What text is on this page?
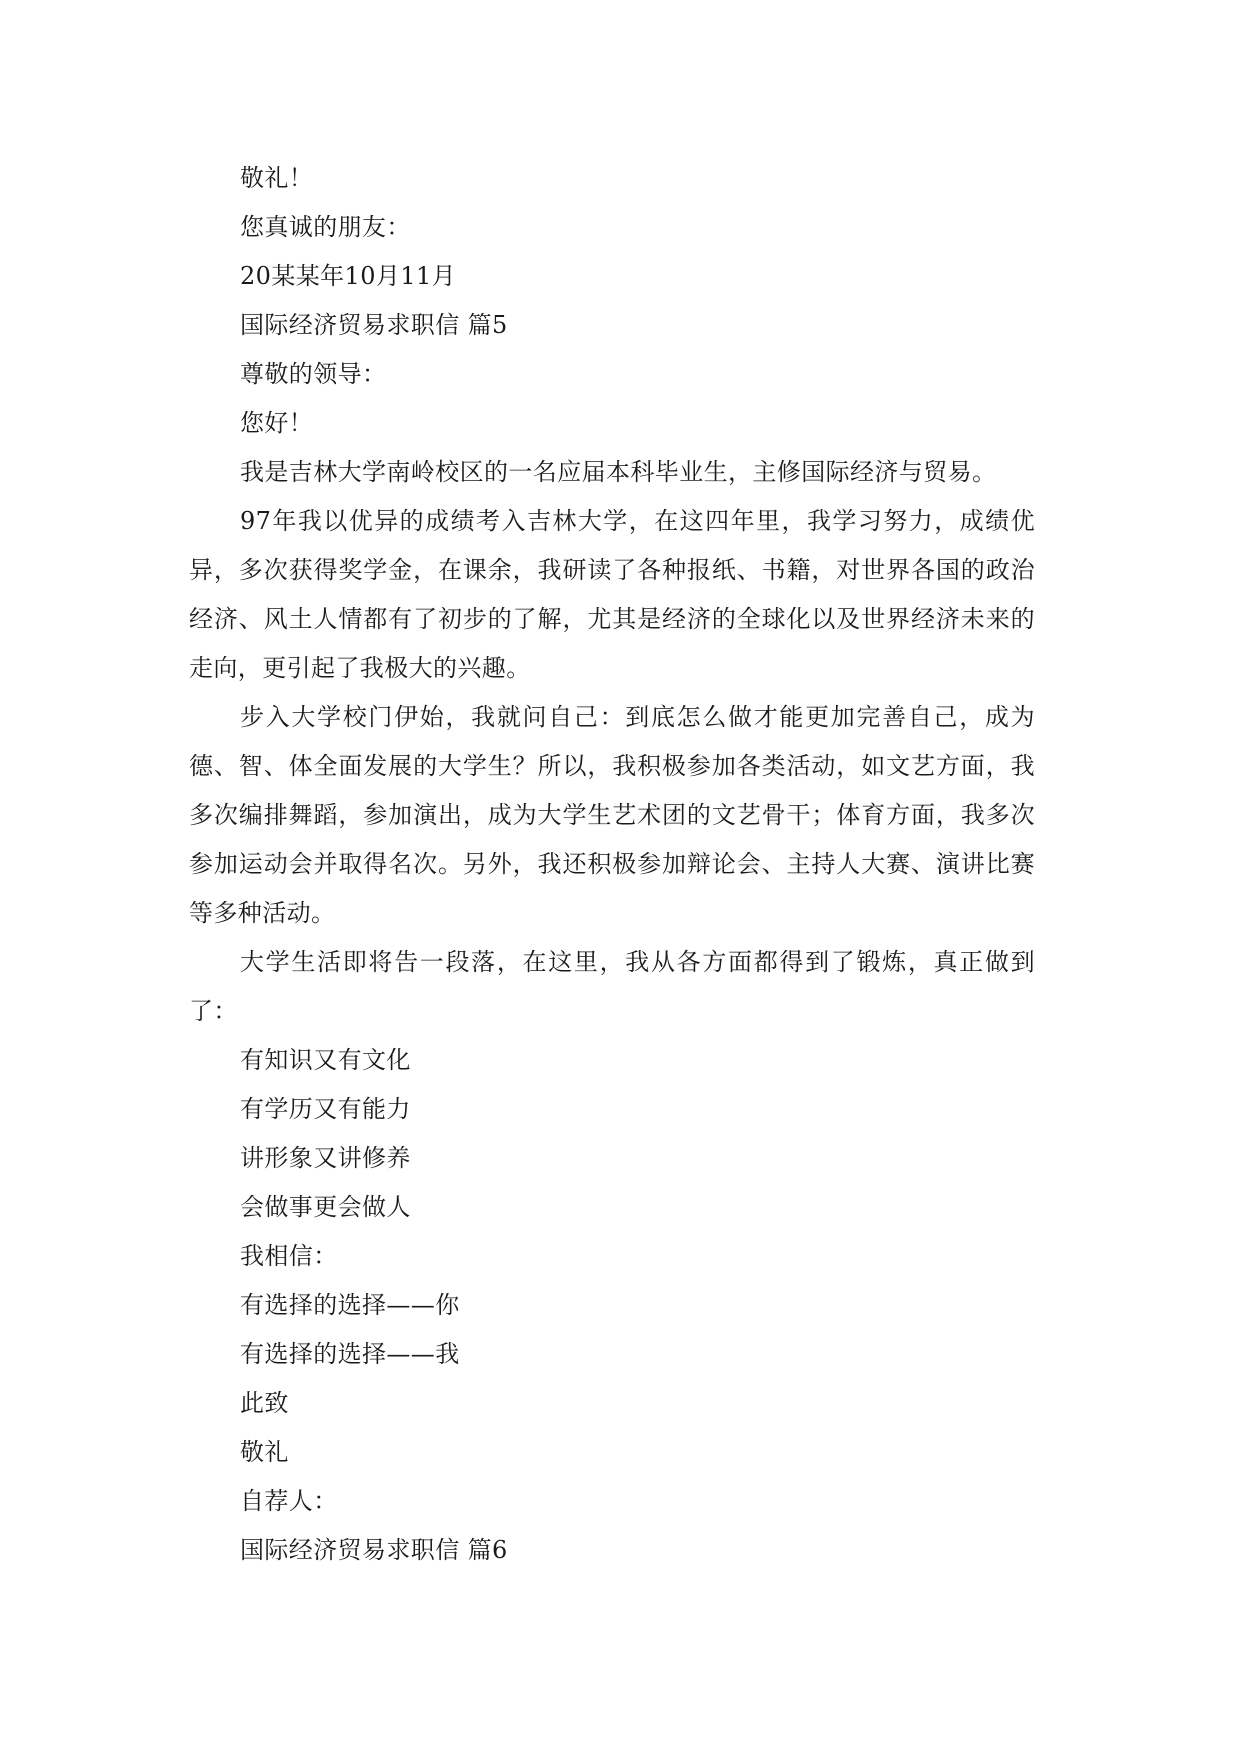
敬礼！

您真诚的朋友：

20某某年10月11月

国际经济贸易求职信 篇5

尊敬的领导：

您好！

我是吉林大学南岭校区的一名应届本科毕业生，主修国际经济与贸易。

97年我以优异的成绩考入吉林大学，在这四年里，我学习努力，成绩优异，多次获得奖学金，在课余，我研读了各种报纸、书籍，对世界各国的政治经济、风土人情都有了初步的了解，尤其是经济的全球化以及世界经济未来的走向，更引起了我极大的兴趣。

步入大学校门伊始，我就问自己：到底怎么做才能更加完善自己，成为德、智、体全面发展的大学生？所以，我积极参加各类活动，如文艺方面，我多次编排舞蹈，参加演出，成为大学生艺术团的文艺骨干；体育方面，我多次参加运动会并取得名次。另外，我还积极参加辩论会、主持人大赛、演讲比赛等多种活动。

大学生活即将告一段落，在这里，我从各方面都得到了锻炼，真正做到了：

有知识又有文化

有学历又有能力

讲形象又讲修养

会做事更会做人

我相信：

有选择的选择——你

有选择的选择——我

此致

敬礼

自荐人：

国际经济贸易求职信 篇6
